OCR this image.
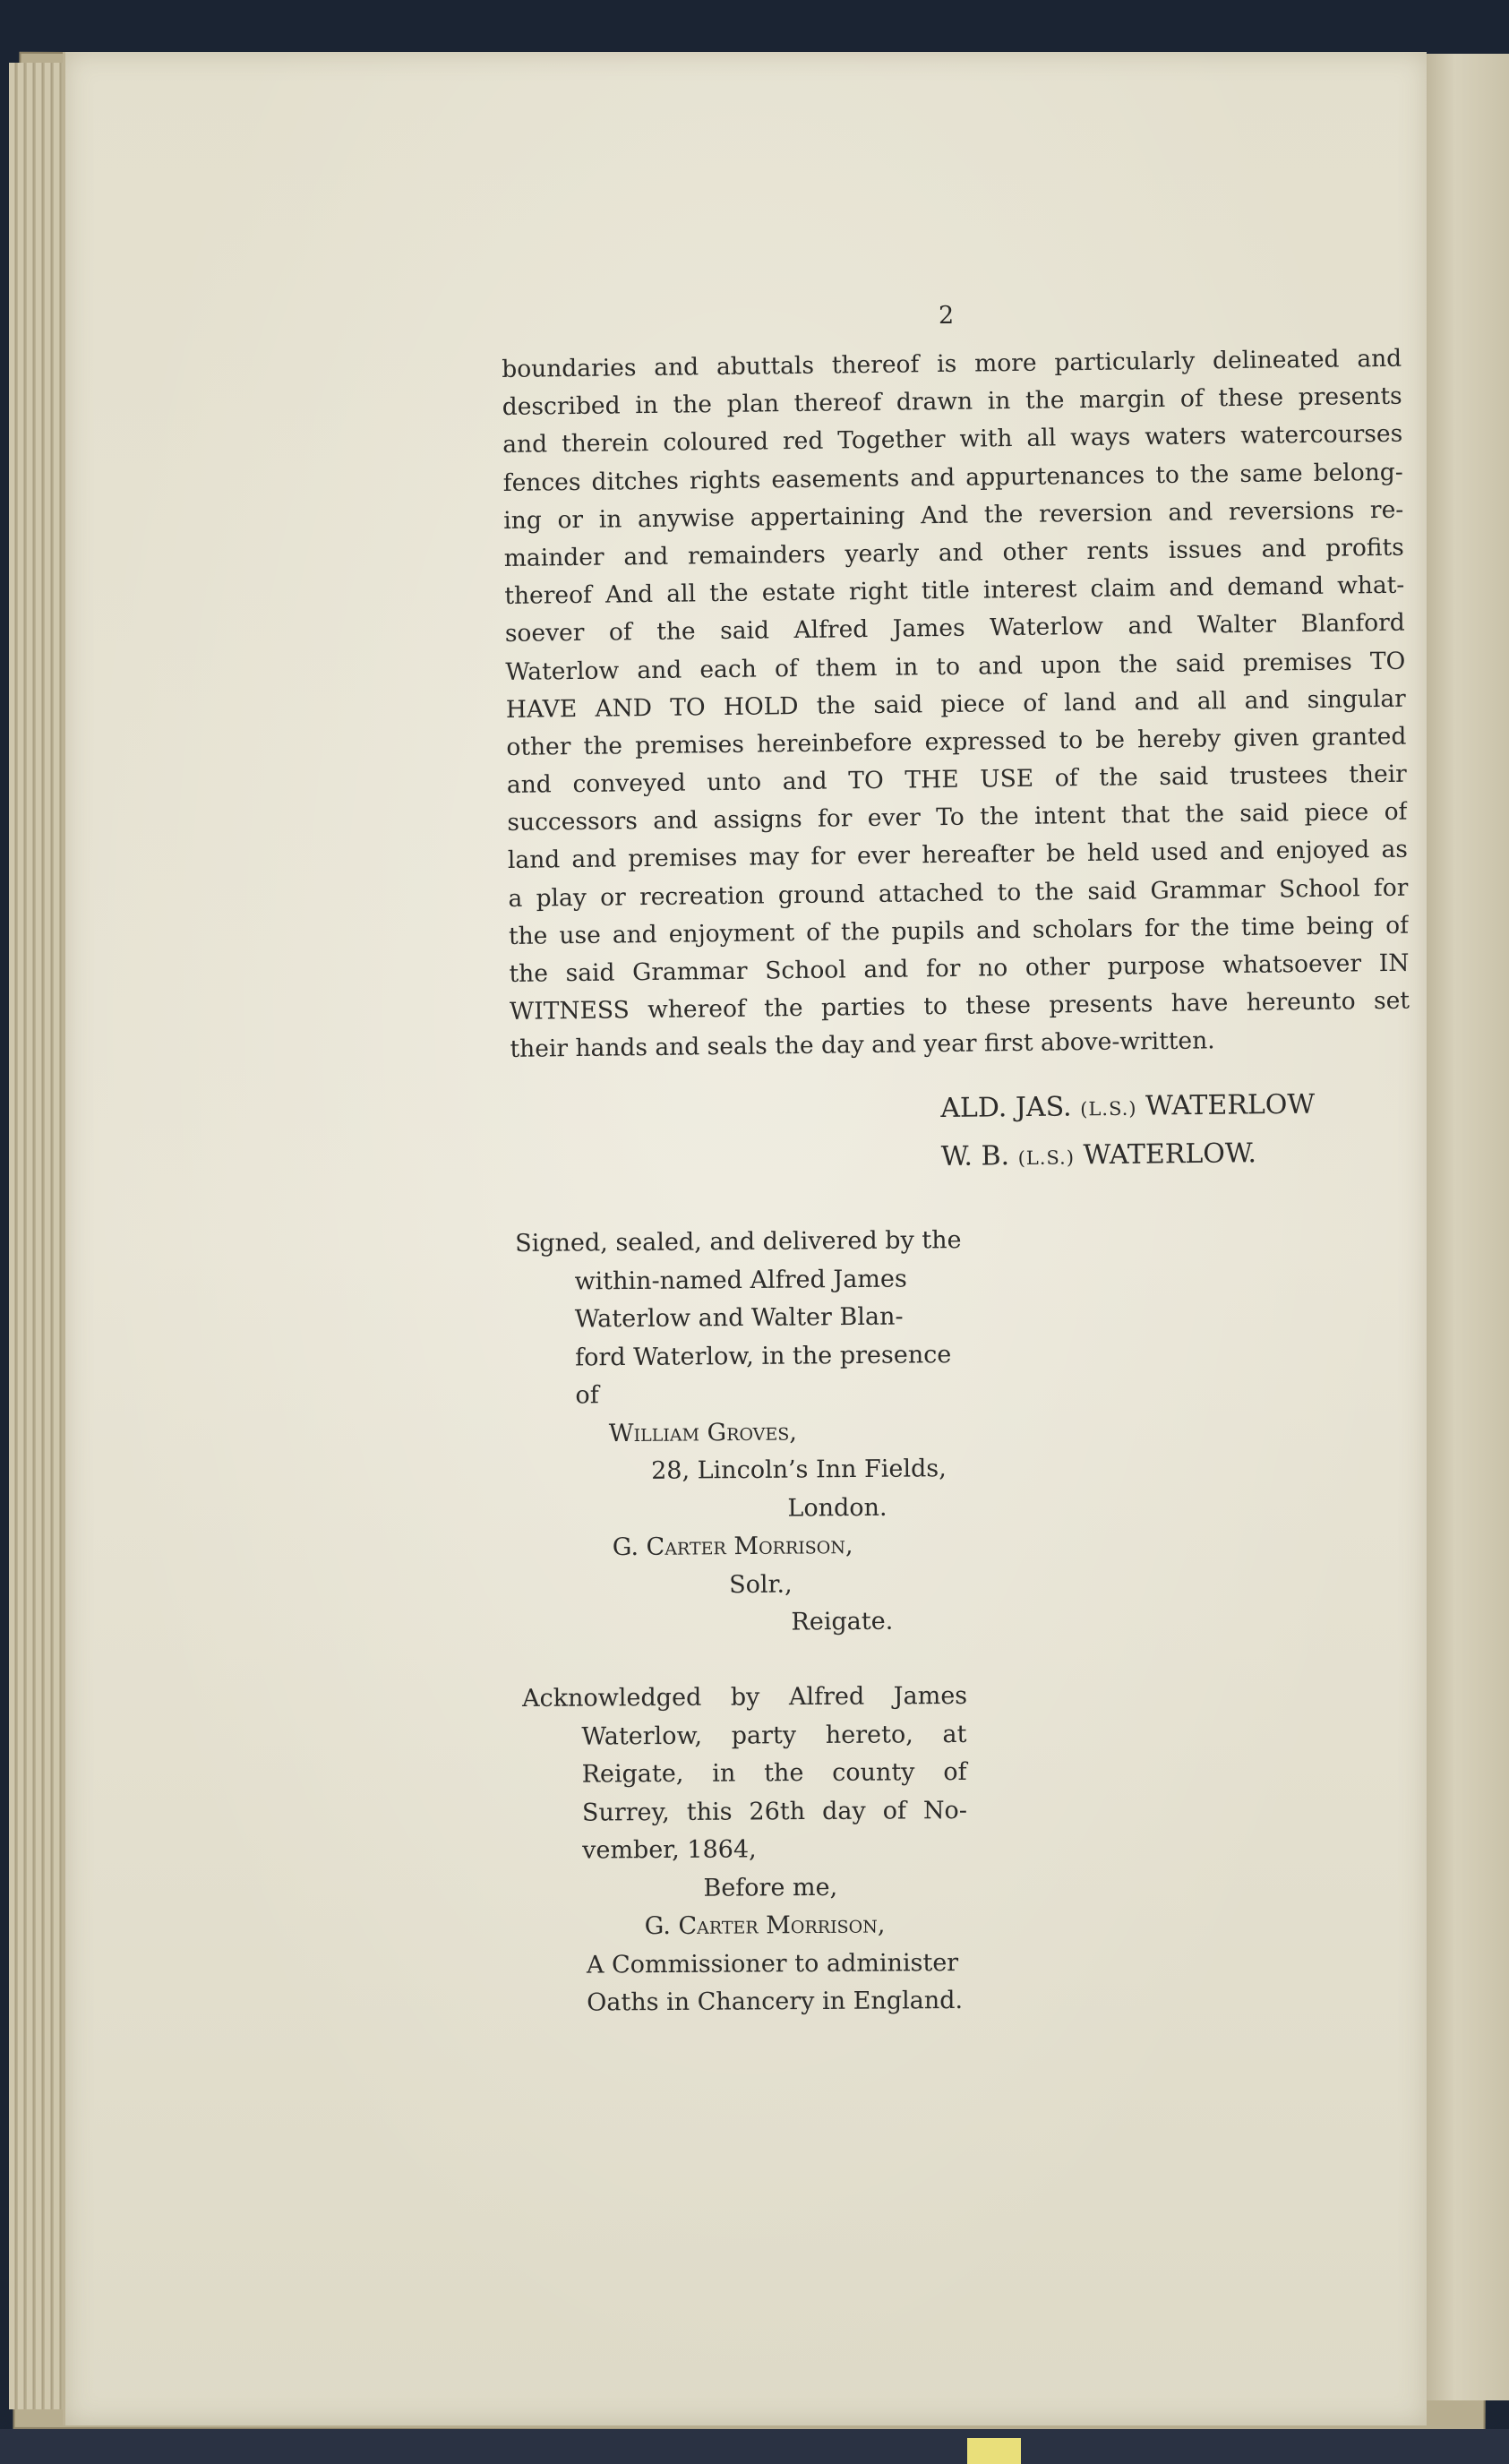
2
boundaries and abuttals thereof is more particularly delineated and
described in the plan thereof drawn in the margin of these presents
and therein coloured red Together with all ways waters watercourses
fences ditches rights easements and appurtenances to the same belong-
ing or in anywise appertaining And the reversion and reversions re-
mainder and remainders yearly and other rents issues and profits
thereof And all the estate right title interest claim and demand what-
soever of the said Alfred James Waterlow and Walter Blanford
Waterlow and each of them in to and upon the said premises TO
HAVE AND TO HOLD the said piece of land and all and singular
other the premises hereinbefore expressed to be hereby given granted
and conveyed unto and TO THE USE of the said trustees their
successors and assigns for ever To the intent that the said piece of
land and premises may for ever hereafter be held used and enjoyed as
a play or recreation ground attached to the said Grammar School for
the use and enjoyment of the pupils and scholars for the time being of
the said Grammar School and for no other purpose whatsoever IN
WITNESS whereof the parties to these presents have hereunto set
their hands and seals the day and year first above-written.
ALD. JAS. (L.S.) WATERLOW
W. B. (L.S.) WATERLOW.
Signed, sealed, and delivered by the
within-named Alfred James
Waterlow and Walter Blan-
ford Waterlow, in the presence
of
William Groves,
28, Lincoln’s Inn Fields,
London.
G. Carter Morrison,
Solr.,
Reigate.
Acknowledged by Alfred James
Waterlow, party hereto, at
Reigate, in the county of
Surrey, this 26th day of No-
vember, 1864,
Before me,
G. Carter Morrison,
A Commissioner to administer
Oaths in Chancery in England.
